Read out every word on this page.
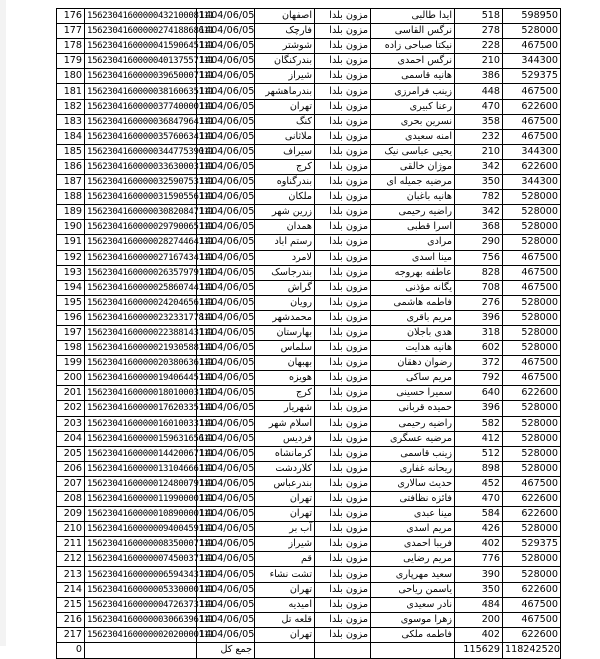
176	1562304160000043210008111	1404/06/05	اصفهان	مزون بلدا	ایدا طالبی	518	598950
177	1562304160000027418868611	1404/06/05	فارچک	مزون بلدا	نرگس القاسی	278	528000
178	1562304160000041590645111	1404/06/05	شوشتر	مزون بلدا	نیکتا صباحی زاده	228	467500
179	1562304160000040137557111	1404/06/05	بندرکنگان	مزون بلدا	نرگس احمدی	210	344300
180	1562304160000039650007111	1404/06/05	شیراز	مزون بلدا	هانیه قاسمی	386	529375
181	1562304160000038160635111	1404/06/05	بندرماهشهر	مزون بلدا	زینب فرامرزی	448	467500
182	1562304160000037740000111	1404/06/05	تهران	مزون بلدا	رعنا کبیری	470	622600
183	1562304160000036847964111	1404/06/05	کنگ	مزون بلدا	نسرین بحری	358	467500
184	1562304160000035760634111	1404/06/05	ملاثانی	مزون بلدا	امنه سعیدی	232	467500
185	1562304160000034477539011	1404/06/05	سیراف	مزون بلدا	یحیی عباسی نیک	210	344300
186	1562304160000033630003111	1404/06/05	کرج	مزون بلدا	موژان خالقی	342	622600
187	1562304160000032590753111	1404/06/05	بندرگناوه	مزون بلدا	مرضیه جمیله ای	350	344300
188	1562304160000031590556111	1404/06/05	ملکان	مزون بلدا	هانیه باغبان	782	528000
189	1562304160000030820847111	1404/06/05	زرین شهر	مزون بلدا	راضیه رحیمی	342	528000
190	1562304160000029790065111	1404/06/05	همدان	مزون بلدا	اسرا قطبی	368	528000
191	1562304160000028274464111	1404/06/05	رستم اباد	مزون بلدا	مرادی	290	528000
192	1562304160000027167434111	1404/06/05	لامرد	مزون بلدا	مینا اسدی	756	467500
193	1562304160000026357979111	1404/06/05	بندرجاسک	مزون بلدا	عاطفه بهروجه	828	467500
194	1562304160000025860744111	1404/06/05	گراش	مزون بلدا	یگانه مؤذنی	708	467500
195	1562304160000024204656111	1404/06/05	رویان	مزون بلدا	فاطمه هاشمی	276	528000
196	1562304160000023233177811	1404/06/05	محمدشهر	مزون بلدا	مریم باقری	396	528000
197	1562304160000022388143111	1404/06/05	بهارستان	مزون بلدا	هدی باجلان	318	528000
198	1562304160000021930588111	1404/06/05	سلماس	مزون بلدا	هانیه هدایت	602	528000
199	1562304160000020380636111	1404/06/05	بهبهان	مزون بلدا	رضوان دهقان	372	467500
200	1562304160000019406445111	1404/06/05	هویزه	مزون بلدا	مریم ساکی	792	467500
201	1562304160000018010003111	1404/06/05	کرج	مزون بلدا	سمیرا حسینی	640	622600
202	1562304160000017620335111	1404/06/05	شهریار	مزون بلدا	حمیده قربانی	396	528000
203	1562304160000016010033111	1404/06/05	اسلام شهر	مزون بلدا	راضیه رحیمی	582	528000
204	1562304160000015963165611	1404/06/05	فردیس	مزون بلدا	مرضیه عسگری	412	528000
205	1562304160000014420067111	1404/06/05	کرمانشاه	مزون بلدا	زینب قاسمی	512	528000
206	1562304160000013104666111	1404/06/05	کلاردشت	مزون بلدا	ریحانه غفاری	898	528000
207	1562304160000012480079111	1404/06/05	بندرعباس	مزون بلدا	حدیث سالاری	452	467500
208	1562304160000011990000111	1404/06/05	تهران	مزون بلدا	فائزه نظافتی	470	622600
209	1562304160000010890000111	1404/06/05	تهران	مزون بلدا	مینا عبدی	584	622600
210	1562304160000009400459111	1404/06/05	آب بر	مزون بلدا	مریم اسدی	426	528000
211	1562304160000008350007111	1404/06/05	شیراز	مزون بلدا	فریبا احمدی	402	529375
212	1562304160000007450037111	1404/06/05	قم	مزون بلدا	مریم رضایی	776	528000
213	1562304160000006594343111	1404/06/05	تشت نشاء	مزون بلدا	سعید مهرپاری	390	528000
214	1562304160000005330000111	1404/06/05	تهران	مزون بلدا	یاسمن ریاحی	350	622600
215	1562304160000004726373111	1404/06/05	امیدیه	مزون بلدا	نادر سعیدی	484	467500
216	1562304160000003066396111	1404/06/05	قلعه تل	مزون بلدا	زهرا موسوی	200	467500
217	1562304160000002020000111	1404/06/05	تهران	مزون بلدا	فاطمه ملکی	402	622600
0		جمع کل				115629	118242520
